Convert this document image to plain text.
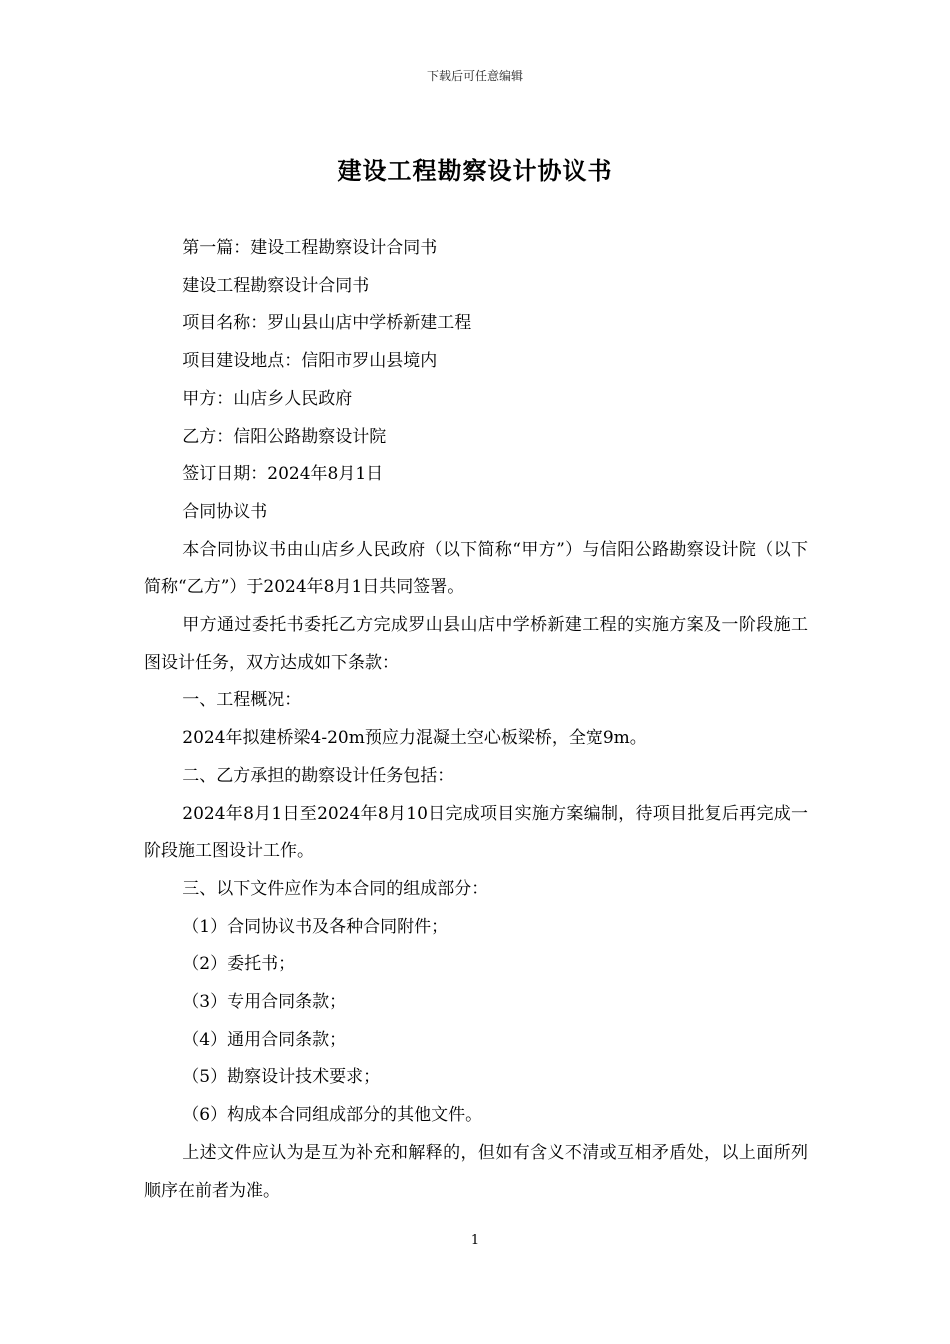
下载后可任意编辑
建设工程勘察设计协议书

第一篇：建设工程勘察设计合同书

建设工程勘察设计合同书

项目名称：罗山县山店中学桥新建工程

项目建设地点：信阳市罗山县境内

甲方：山店乡人民政府

乙方：信阳公路勘察设计院

签订日期：2024年8月1日

合同协议书

本合同协议书由山店乡人民政府（以下简称“甲方”）与信阳公路勘察设计院（以下简称“乙方”）于2024年8月1日共同签署。

甲方通过委托书委托乙方完成罗山县山店中学桥新建工程的实施方案及一阶段施工图设计任务，双方达成如下条款：

一、工程概况：

2024年拟建桥梁4-20m预应力混凝土空心板梁桥，全宽9m。

二、乙方承担的勘察设计任务包括：

2024年8月1日至2024年8月10日完成项目实施方案编制，待项目批复后再完成一阶段施工图设计工作。

三、以下文件应作为本合同的组成部分：

（1）合同协议书及各种合同附件；

（2）委托书；

（3）专用合同条款；

（4）通用合同条款；

（5）勘察设计技术要求；

（6）构成本合同组成部分的其他文件。

上述文件应认为是互为补充和解释的，但如有含义不清或互相矛盾处，以上面所列顺序在前者为准。

1
